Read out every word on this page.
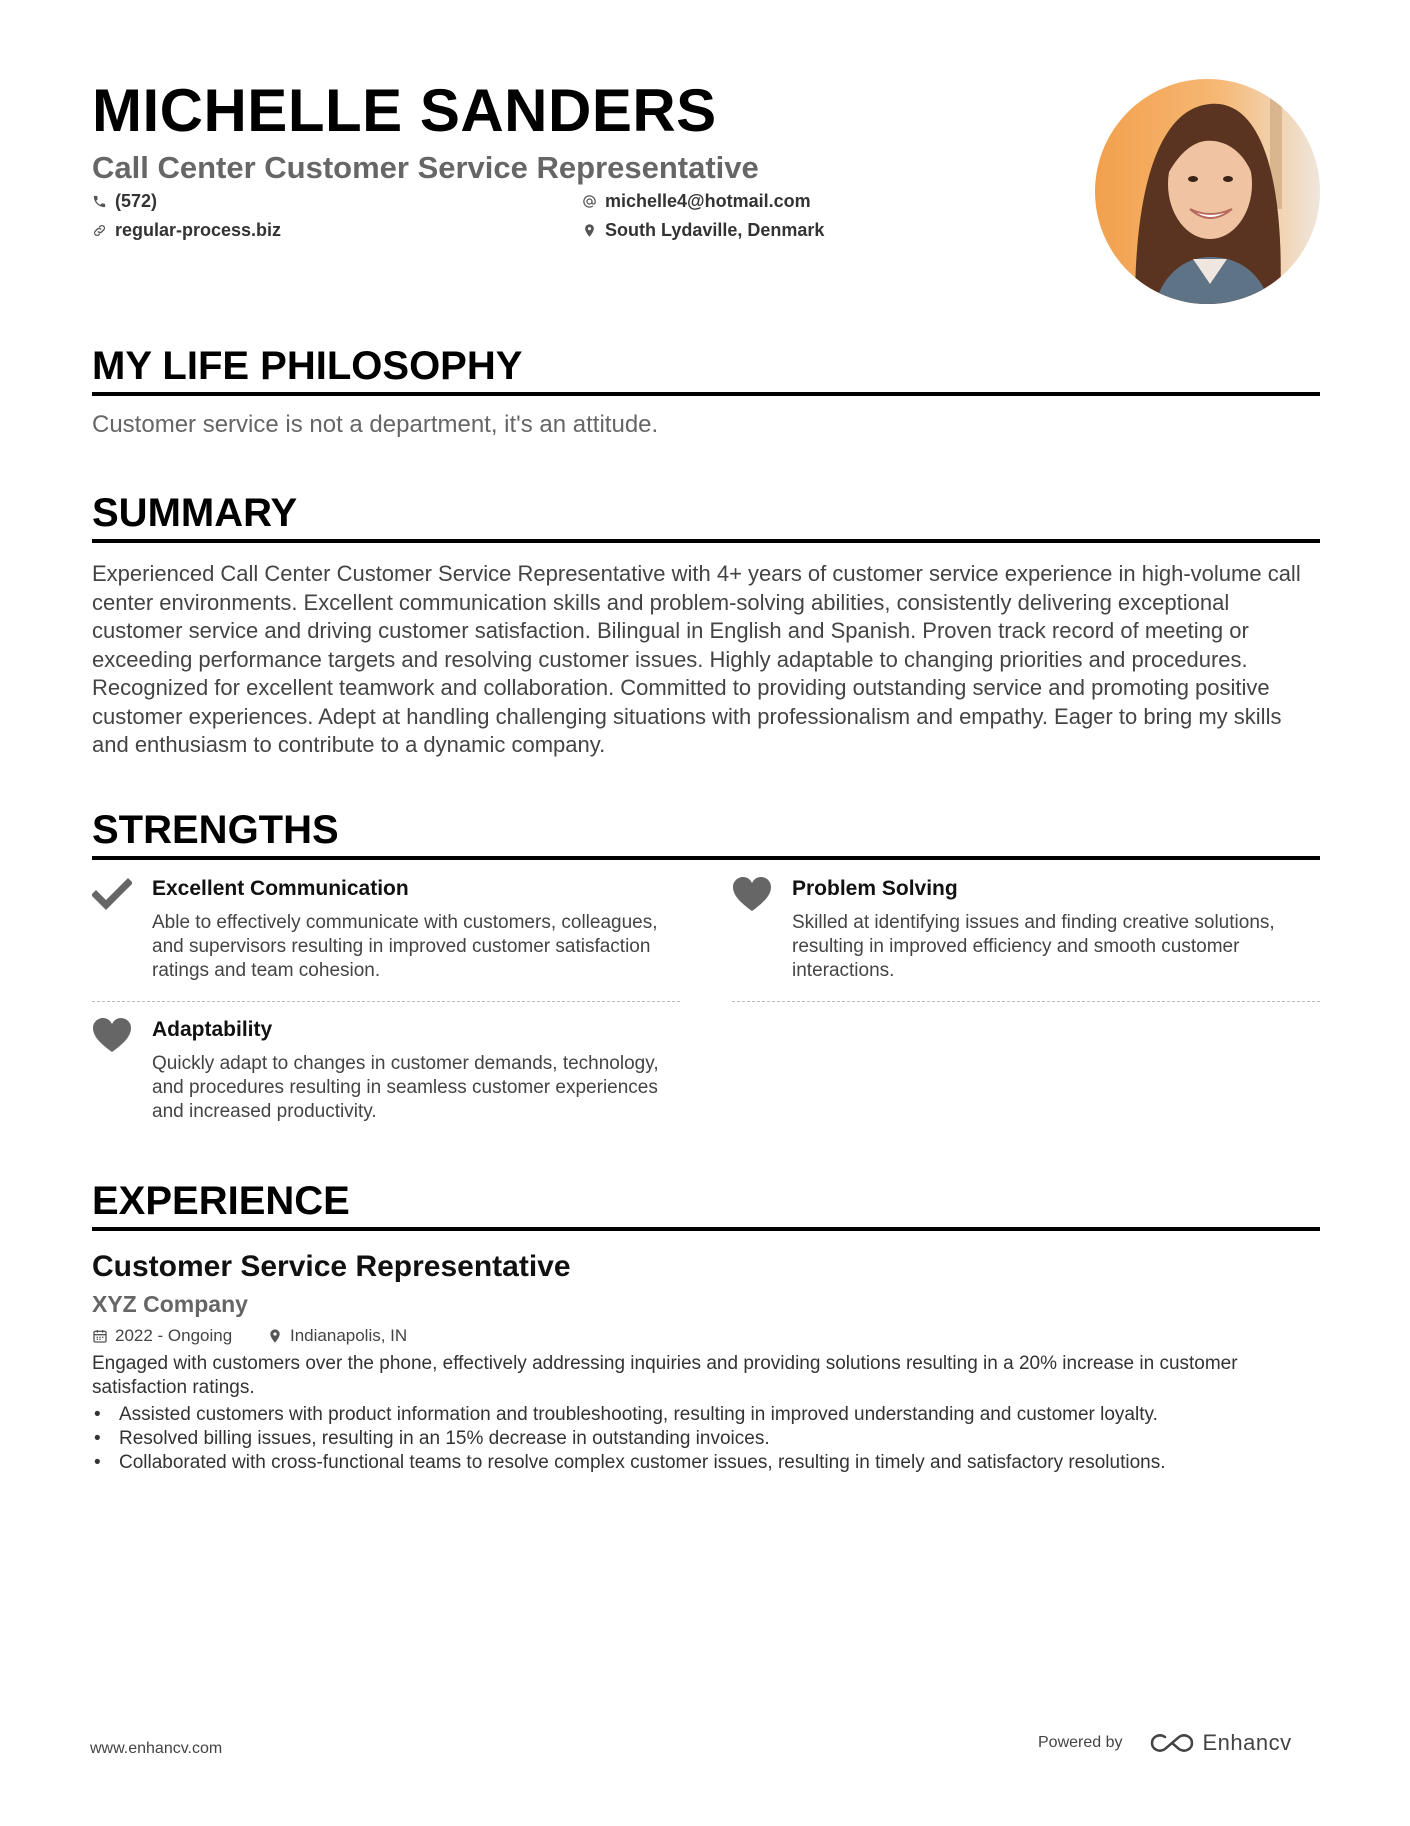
MICHELLE SANDERS
Call Center Customer Service Representative
(572)	michelle4@hotmail.com
regular-process.biz	South Lydaville, Denmark
MY LIFE PHILOSOPHY

Customer service is not a department, it's an attitude.

SUMMARY

Experienced Call Center Customer Service Representative with 4+ years of customer service experience in high-volume call center environments. Excellent communication skills and problem-solving abilities, consistently delivering exceptional customer service and driving customer satisfaction. Bilingual in English and Spanish. Proven track record of meeting or exceeding performance targets and resolving customer issues. Highly adaptable to changing priorities and procedures. Recognized for excellent teamwork and collaboration. Committed to providing outstanding service and promoting positive customer experiences. Adept at handling challenging situations with professionalism and empathy. Eager to bring my skills and enthusiasm to contribute to a dynamic company.

STRENGTHS
Excellent Communication

Able to effectively communicate with customers, colleagues, and supervisors resulting in improved customer satisfaction ratings and team cohesion.

Problem Solving

Skilled at identifying issues and finding creative solutions, resulting in improved efficiency and smooth customer interactions.

Adaptability

Quickly adapt to changes in customer demands, technology, and procedures resulting in seamless customer experiences and increased productivity.

EXPERIENCE
Customer Service Representative
XYZ Company
2022 - Ongoing	Indianapolis, IN

Engaged with customers over the phone, effectively addressing inquiries and providing solutions resulting in a 20% increase in customer satisfaction ratings.

• Assisted customers with product information and troubleshooting, resulting in improved understanding and customer loyalty.
• Resolved billing issues, resulting in an 15% decrease in outstanding invoices.
• Collaborated with cross-functional teams to resolve complex customer issues, resulting in timely and satisfactory resolutions.
www.enhancv.com	Powered by	Enhancv
